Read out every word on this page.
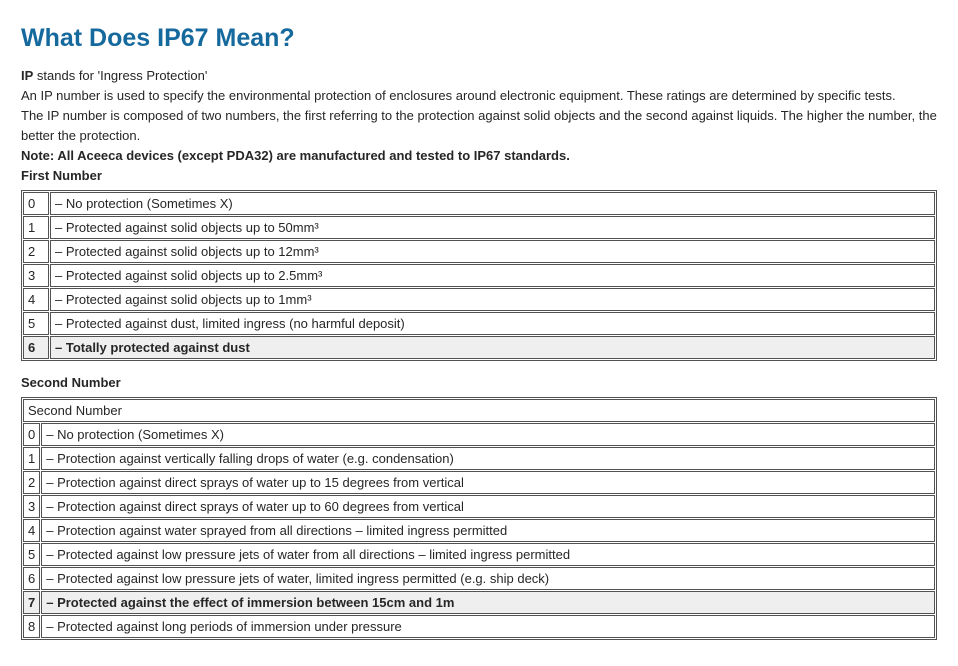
What Does IP67 Mean?

IP stands for 'Ingress Protection'

An IP number is used to specify the environmental protection of enclosures around electronic equipment. These ratings are determined by specific tests.

The IP number is composed of two numbers, the first referring to the protection against solid objects and the second against liquids. The higher the number, the better the protection.

Note: All Aceeca devices (except PDA32) are manufactured and tested to IP67 standards.

First Number
0	– No protection (Sometimes X)
1	– Protected against solid objects up to 50mm³
2	– Protected against solid objects up to 12mm³
3	– Protected against solid objects up to 2.5mm³
4	– Protected against solid objects up to 1mm³
5	– Protected against dust, limited ingress (no harmful deposit)
6	– Totally protected against dust
Second Number
Second Number	
0	– No protection (Sometimes X)
1	– Protection against vertically falling drops of water (e.g. condensation)
2	– Protection against direct sprays of water up to 15 degrees from vertical
3	– Protection against direct sprays of water up to 60 degrees from vertical
4	– Protection against water sprayed from all directions – limited ingress permitted
5	– Protected against low pressure jets of water from all directions – limited ingress permitted
6	– Protected against low pressure jets of water, limited ingress permitted (e.g. ship deck)
7	– Protected against the effect of immersion between 15cm and 1m
8	– Protected against long periods of immersion under pressure
